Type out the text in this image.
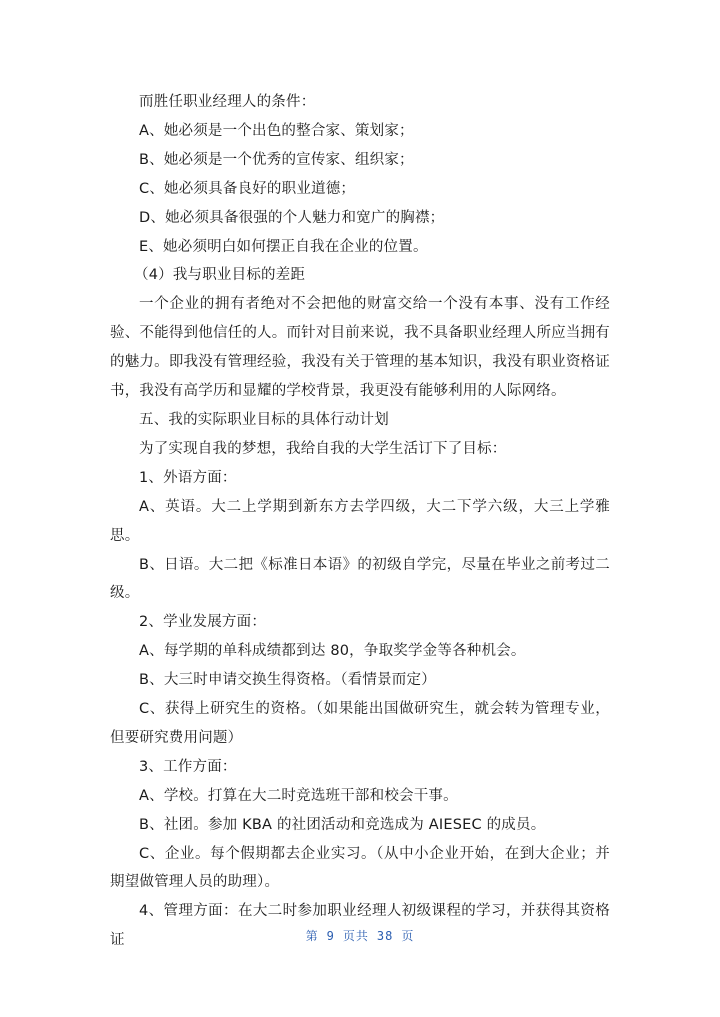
而胜任职业经理人的条件：

A、她必须是一个出色的整合家、策划家；

B、她必须是一个优秀的宣传家、组织家；

C、她必须具备良好的职业道德；

D、她必须具备很强的个人魅力和宽广的胸襟；

E、她必须明白如何摆正自我在企业的位置。

（4）我与职业目标的差距

一个企业的拥有者绝对不会把他的财富交给一个没有本事、没有工作经验、不能得到他信任的人。而针对目前来说，我不具备职业经理人所应当拥有的魅力。即我没有管理经验，我没有关于管理的基本知识，我没有职业资格证书，我没有高学历和显耀的学校背景，我更没有能够利用的人际网络。

五、我的实际职业目标的具体行动计划

为了实现自我的梦想，我给自我的大学生活订下了目标：

1、外语方面：

A、英语。大二上学期到新东方去学四级，大二下学六级，大三上学雅思。

B、日语。大二把《标准日本语》的初级自学完，尽量在毕业之前考过二级。

2、学业发展方面：

A、每学期的单科成绩都到达 80，争取奖学金等各种机会。

B、大三时申请交换生得资格。（看情景而定）

C、获得上研究生的资格。（如果能出国做研究生，就会转为管理专业，但要研究费用问题）

3、工作方面：

A、学校。打算在大二时竞选班干部和校会干事。

B、社团。参加 KBA 的社团活动和竞选成为 AIESEC 的成员。

C、企业。每个假期都去企业实习。（从中小企业开始，在到大企业；并期望做管理人员的助理）。

4、管理方面：在大二时参加职业经理人初级课程的学习，并获得其资格证	第 9 页共 38 页
